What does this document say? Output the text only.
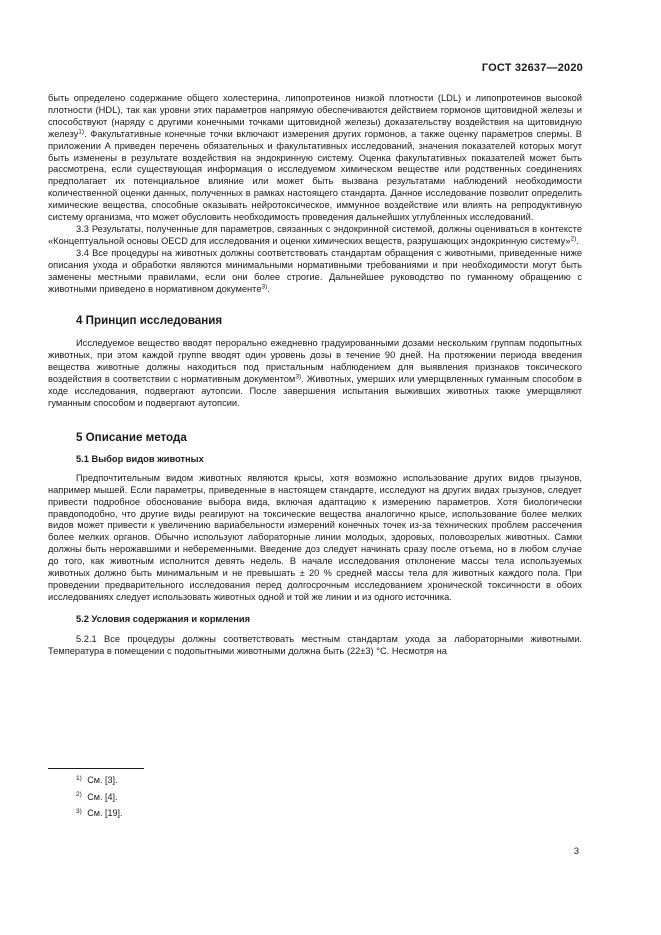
ГОСТ 32637—2020

быть определено содержание общего холестерина, липопротеинов низкой плотности (LDL) и липопротеинов высокой плотности (HDL), так как уровни этих параметров напрямую обеспечиваются действием гормонов щитовидной железы и способствуют (наряду с другими конечными точками щитовидной железы) доказательству воздействия на щитовидную железу$^{1)}$. Факультативные конечные точки включают измерения других гормонов, а также оценку параметров спермы. В приложении А приведен перечень обязательных и факультативных исследований, значения показателей которых могут быть изменены в результате воздействия на эндокринную систему. Оценка факультативных показателей может быть рассмотрена, если существующая информация о исследуемом химическом веществе или родственных соединениях предполагает их потенциальное влияние или может быть вызвана результатами наблюдений необходимости количественной оценки данных, полученных в рамках настоящего стандарта. Данное исследование позволит определить химические вещества, способные оказывать нейротоксическое, иммунное воздействие или влиять на репродуктивную систему организма, что может обусловить необходимость проведения дальнейших углубленных исследований.

3.3 Результаты, полученные для параметров, связанных с эндокринной системой, должны оцениваться в контексте «Концептуальной основы OECD для исследования и оценки химических веществ, разрушающих эндокринную систему»$^{2)}$.

3.4 Все процедуры на животных должны соответствовать стандартам обращения с животными, приведенные ниже описания ухода и обработки являются минимальными нормативными требованиями и при необходимости могут быть заменены местными правилами, если они более строгие. Дальнейшее руководство по гуманному обращению с животными приведено в нормативном документе$^{3)}$.

4 Принцип исследования

Исследуемое вещество вводят перорально ежедневно градуированными дозами нескольким группам подопытных животных, при этом каждой группе вводят один уровень дозы в течение 90 дней. На протяжении периода введения вещества животные должны находиться под пристальным наблюдением для выявления признаков токсического воздействия в соответствии с нормативным документом$^{3)}$. Животных, умерших или умерщвленных гуманным способом в ходе исследования, подвергают аутопсии. После завершения испытания выживших животных также умерщвляют гуманным способом и подвергают аутопсии.

5 Описание метода
5.1 Выбор видов животных

Предпочтительным видом животных являются крысы, хотя возможно использование других видов грызунов, например мышей. Если параметры, приведенные в настоящем стандарте, исследуют на других видах грызунов, следует привести подробное обоснование выбора вида, включая адаптацию к измерению параметров. Хотя биологически правдоподобно, что другие виды реагируют на токсические вещества аналогично крысе, использование более мелких видов может привести к увеличению вариабельности измерений конечных точек из-за технических проблем рассечения более мелких органов. Обычно используют лабораторные линии молодых, здоровых, половозрелых животных. Самки должны быть нерожавшими и небеременными. Введение доз следует начинать сразу после отъема, но в любом случае до того, как животным исполнится девять недель. В начале исследования отклонение массы тела используемых животных должно быть минимальным и не превышать ± 20 % средней массы тела для животных каждого пола. При проведении предварительного исследования перед долгосрочным исследованием хронической токсичности в обоих исследованиях следует использовать животных одной и той же линии и из одного источника.

5.2 Условия содержания и кормления

5.2.1 Все процедуры должны соответствовать местным стандартам ухода за лабораторными животными. Температура в помещении с подопытными животными должна быть (22±3) °С. Несмотря на

$^{1)}$ См. [3].
$^{2)}$ См. [4].
$^{3)}$ См. [19].
3
